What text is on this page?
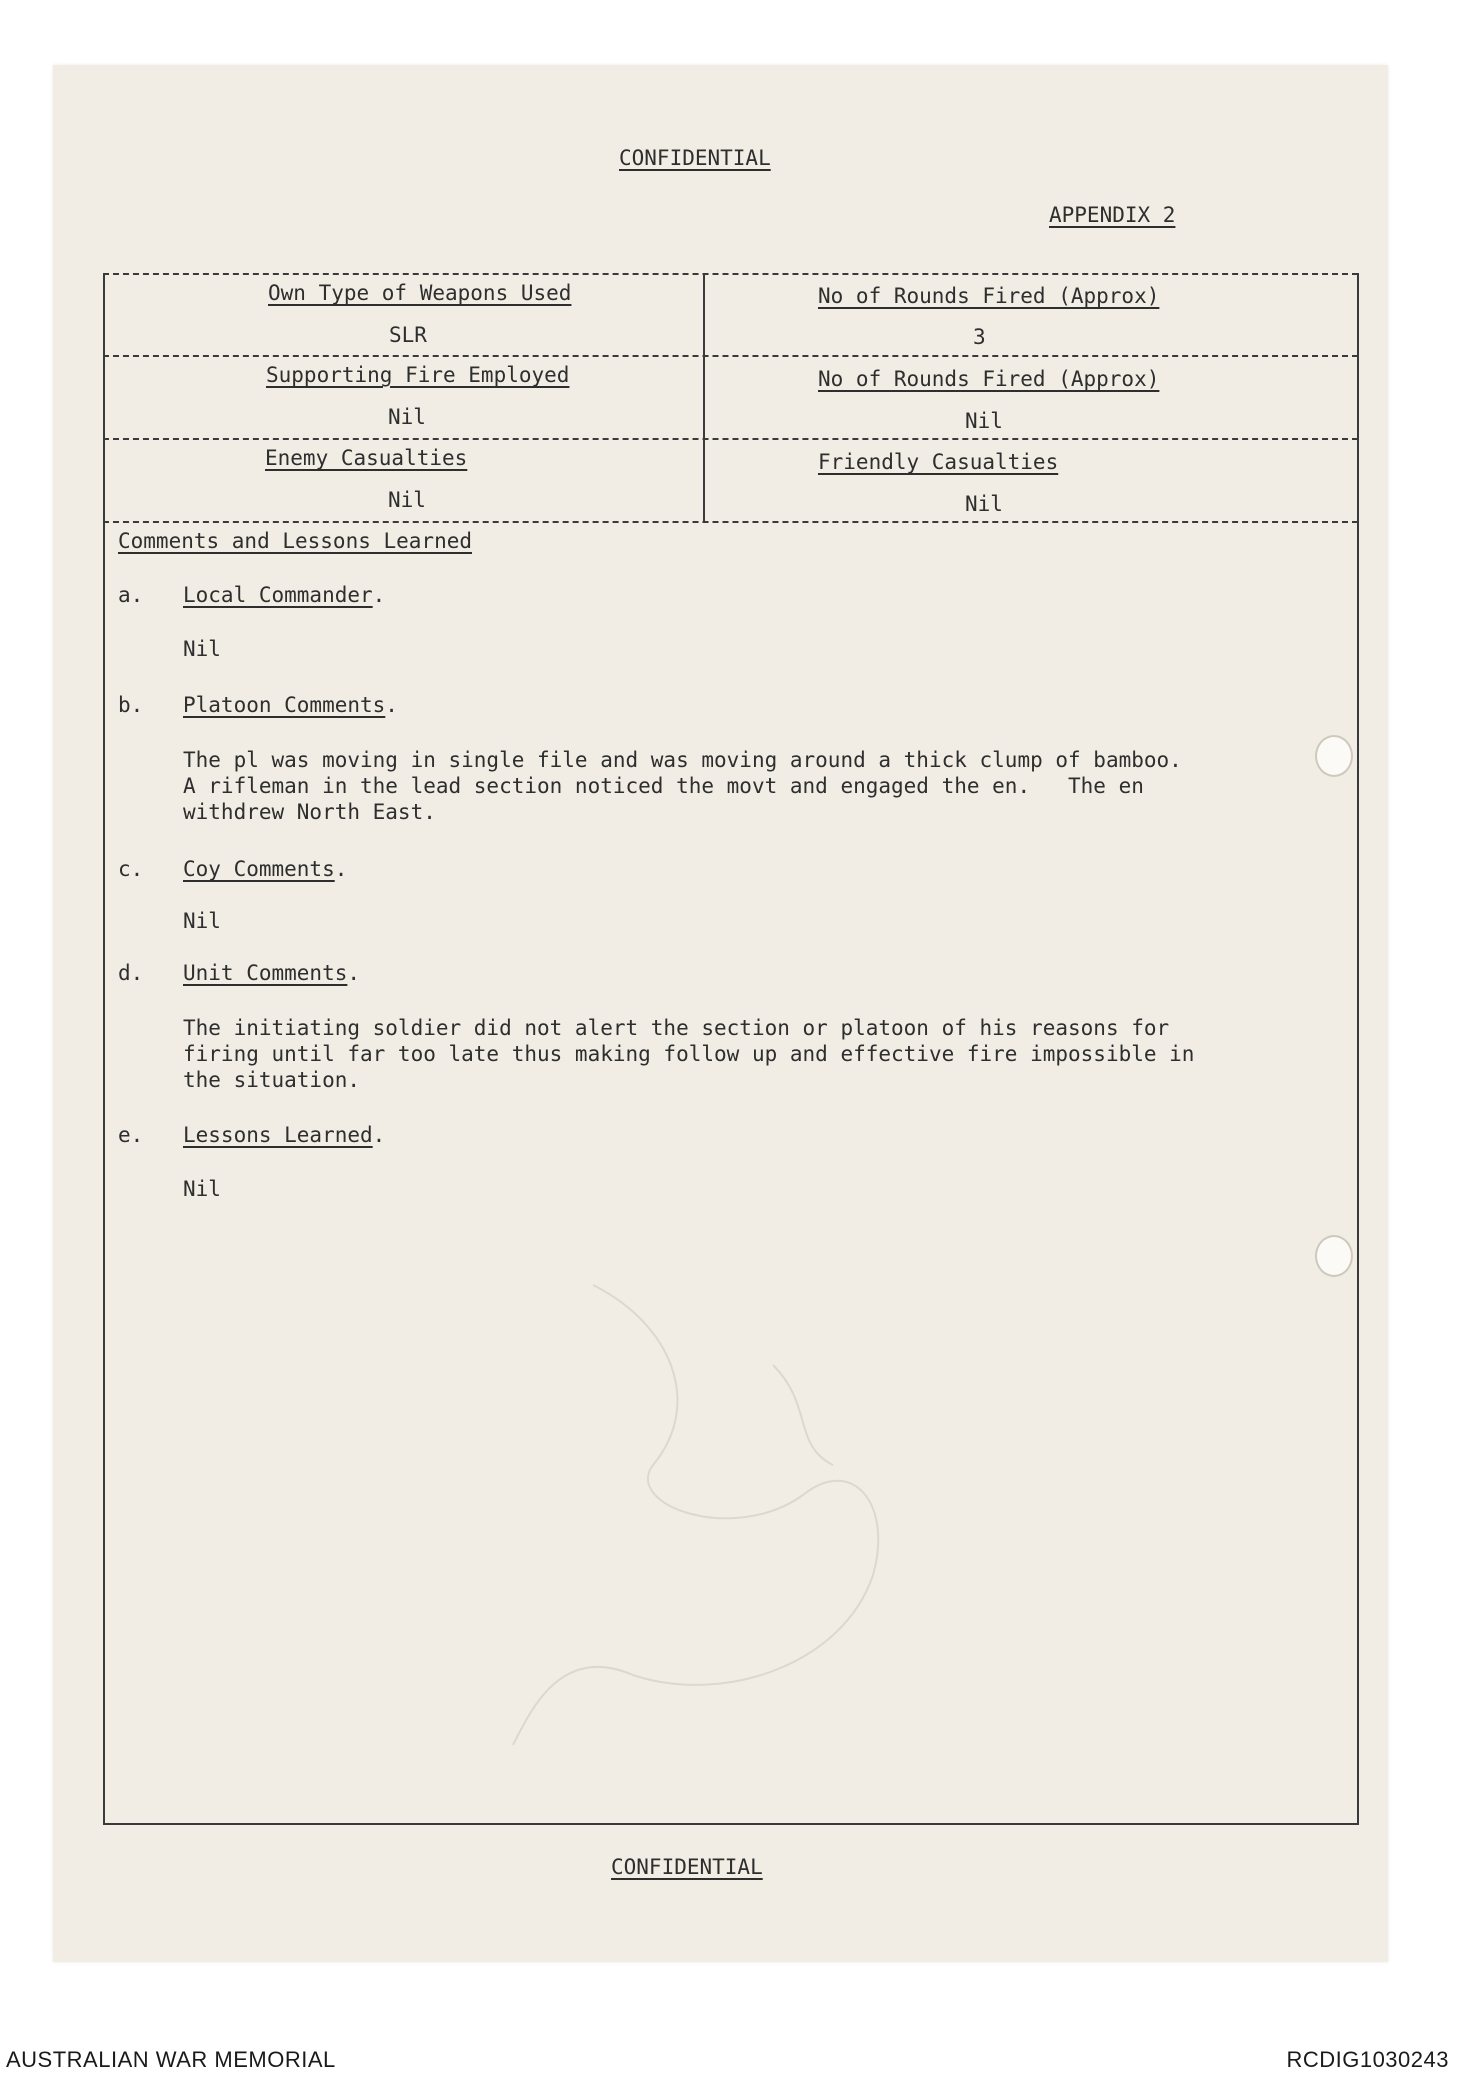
CONFIDENTIAL
APPENDIX 2
Own Type of Weapons Used
SLR
No of Rounds Fired (Approx)
3
Supporting Fire Employed
Nil
No of Rounds Fired (Approx)
Nil
Enemy Casualties
Nil
Friendly Casualties
Nil
Comments and Lessons Learned
a. Local Commander.
Nil
b. Platoon Comments.
The pl was moving in single file and was moving around a thick clump of bamboo.
A rifleman in the lead section noticed the movt and engaged the en.   The en
withdrew North East.
c. Coy Comments.
Nil
d. Unit Comments.
The initiating soldier did not alert the section or platoon of his reasons for
firing until far too late thus making follow up and effective fire impossible in
the situation.
e. Lessons Learned.
Nil
CONFIDENTIAL
AUSTRALIAN WAR MEMORIAL	RCDIG1030243
